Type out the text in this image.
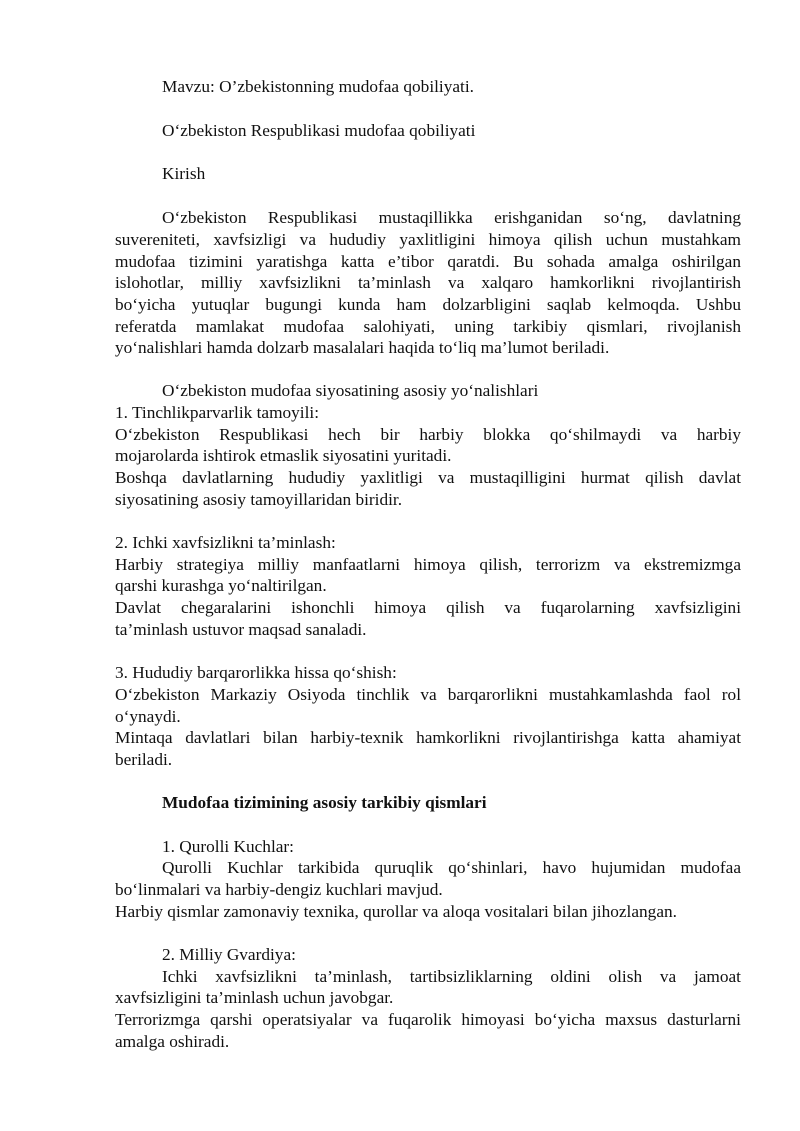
Mavzu: O’zbekistonning mudofaa qobiliyati.
O‘zbekiston Respublikasi mudofaa qobiliyati
Kirish
O‘zbekiston Respublikasi mustaqillikka erishganidan so‘ng, davlatning
suvereniteti, xavfsizligi va hududiy yaxlitligini himoya qilish uchun mustahkam
mudofaa tizimini yaratishga katta e’tibor qaratdi. Bu sohada amalga oshirilgan
islohotlar, milliy xavfsizlikni ta’minlash va xalqaro hamkorlikni rivojlantirish
bo‘yicha yutuqlar bugungi kunda ham dolzarbligini saqlab kelmoqda. Ushbu
referatda mamlakat mudofaa salohiyati, uning tarkibiy qismlari, rivojlanish
yo‘nalishlari hamda dolzarb masalalari haqida to‘liq ma’lumot beriladi.
O‘zbekiston mudofaa siyosatining asosiy yo‘nalishlari
1. Tinchlikparvarlik tamoyili:
O‘zbekiston Respublikasi hech bir harbiy blokka qo‘shilmaydi va harbiy
mojarolarda ishtirok etmaslik siyosatini yuritadi.
Boshqa davlatlarning hududiy yaxlitligi va mustaqilligini hurmat qilish davlat
siyosatining asosiy tamoyillaridan biridir.
2. Ichki xavfsizlikni ta’minlash:
Harbiy strategiya milliy manfaatlarni himoya qilish, terrorizm va ekstremizmga
qarshi kurashga yo‘naltirilgan.
Davlat chegaralarini ishonchli himoya qilish va fuqarolarning xavfsizligini
ta’minlash ustuvor maqsad sanaladi.
3. Hududiy barqarorlikka hissa qo‘shish:
O‘zbekiston Markaziy Osiyoda tinchlik va barqarorlikni mustahkamlashda faol rol
o‘ynaydi.
Mintaqa davlatlari bilan harbiy-texnik hamkorlikni rivojlantirishga katta ahamiyat
beriladi.
Mudofaa tizimining asosiy tarkibiy qismlari
1. Qurolli Kuchlar:
Qurolli Kuchlar tarkibida quruqlik qo‘shinlari, havo hujumidan mudofaa
bo‘linmalari va harbiy-dengiz kuchlari mavjud.
Harbiy qismlar zamonaviy texnika, qurollar va aloqa vositalari bilan jihozlangan.
2. Milliy Gvardiya:
Ichki xavfsizlikni ta’minlash, tartibsizliklarning oldini olish va jamoat
xavfsizligini ta’minlash uchun javobgar.
Terrorizmga qarshi operatsiyalar va fuqarolik himoyasi bo‘yicha maxsus dasturlarni
amalga oshiradi.
